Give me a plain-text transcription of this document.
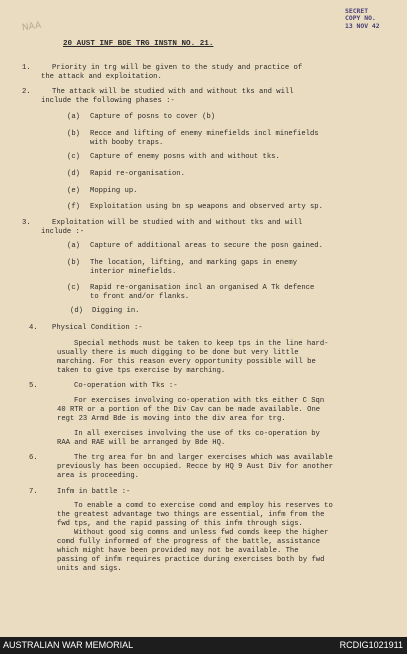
NAA
SECRET
COPY NO.
13 NOV 42
20 AUST INF BDE TRG INSTN NO. 21.
1.	Priority in trg will be given to the study and practice of
the attack and exploitation.
2.	The attack will be studied with and without tks and will
include the following phases :-
(a) Capture of posns to cover (b)
(b) Recce and lifting of enemy minefields incl minefields
with booby traps.
(c) Capture of enemy posns with and without tks.
(d) Rapid re-organisation.
(e) Mopping up.
(f) Exploitation using bn sp weapons and observed arty sp.
3.	Exploitation will be studied with and without tks and will
include :-
(a) Capture of additional areas to secure the posn gained.
(b) The location, lifting, and marking gaps in enemy
interior minefields.
(c) Rapid re-organisation incl an organised A Tk defence
to front and/or flanks.
(d) Digging in.
4. Physical Condition :-
Special methods must be taken to keep tps in the line hard-
usually there is much digging to be done but very little
marching. For this reason every opportunity possible will be
taken to give tps exercise by marching.
5.	Co-operation with Tks :-
For exercises involving co-operation with tks either C Sqn
40 RTR or a portion of the Div Cav can be made available. One
regt 23 Armd Bde is moving into the div area for trg.
In all exercises involving the use of tks co-operation by
RAA and RAE will be arranged by Bde HQ.
6.	The trg area for bn and larger exercises which was available
previously has been occupied. Recce by HQ 9 Aust Div for another
area is proceeding.
7.	Infm in battle :-
To enable a comd to exercise comd and employ his reserves to
the greatest advantage two things are essential, infm from the
fwd tps, and the rapid passing of this infm through sigs.
Without good sig comns and unless fwd comds keep the higher
comd fully informed of the progress of the battle, assistance
which might have been provided may not be available. The
passing of infm requires practice during exercises both by fwd
units and sigs.
AUSTRALIAN WAR MEMORIAL	RCDIG1021911
